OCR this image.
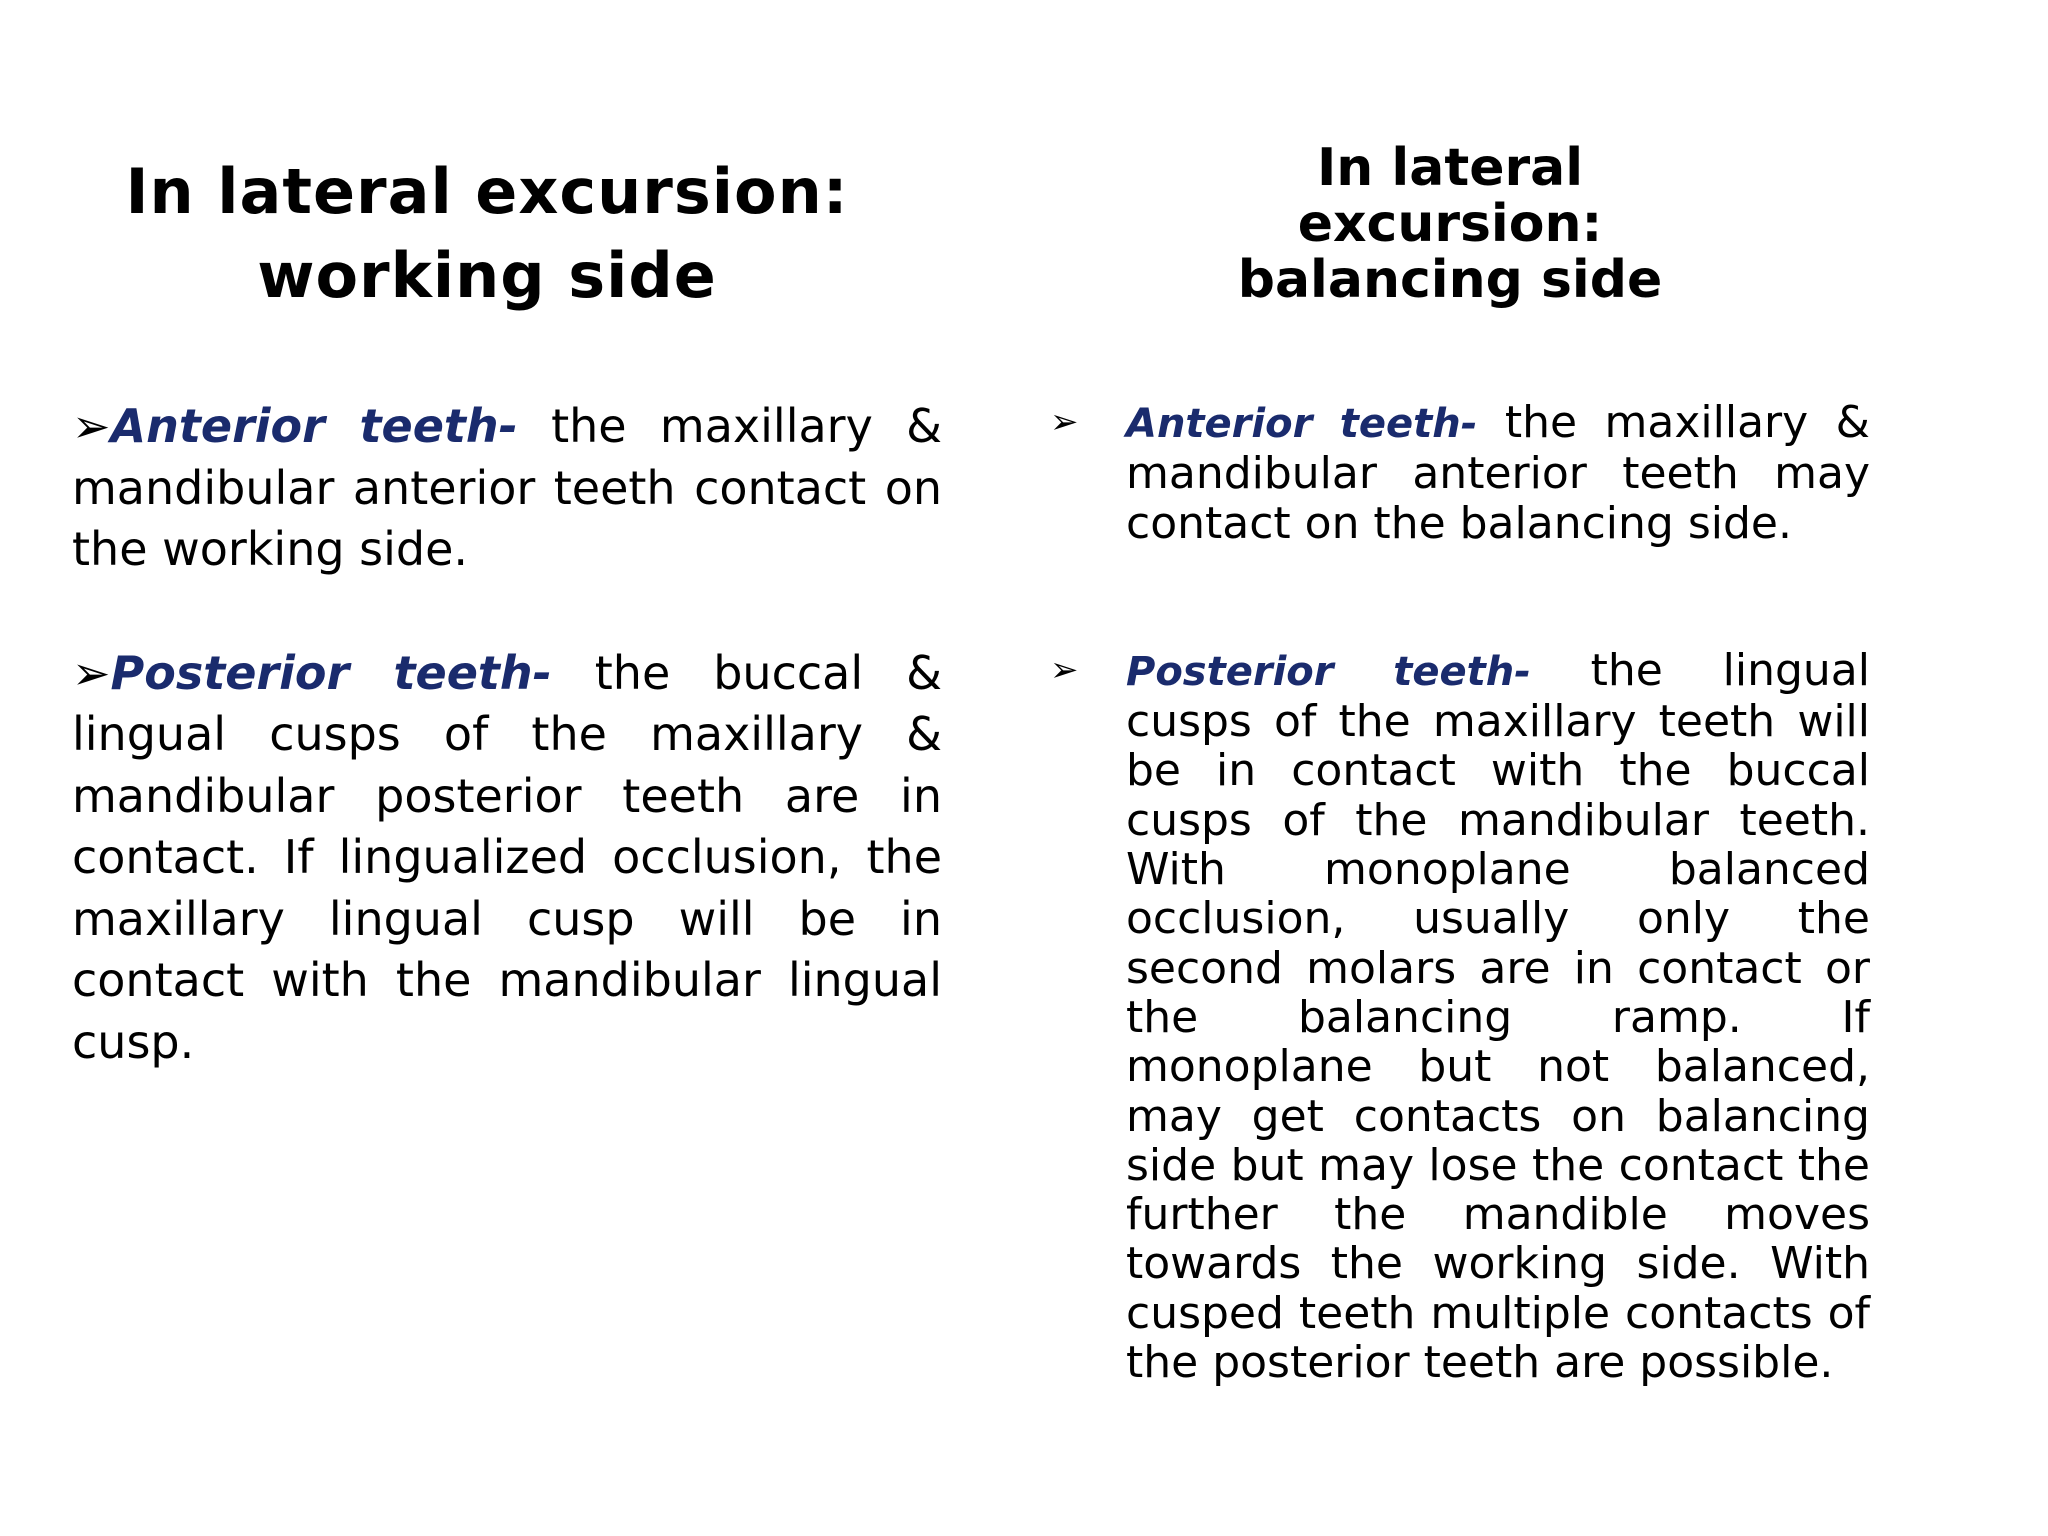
In lateral excursion:
working side

➢Anterior teeth- the maxillary & mandibular anterior teeth contact on the working side.

➢Posterior teeth- the buccal & lingual cusps of the maxillary & mandibular posterior teeth are in contact. If lingualized occlusion, the maxillary lingual cusp will be in contact with the mandibular lingual cusp.

In lateral excursion:
balancing side

➢ Anterior teeth- the maxillary & mandibular anterior teeth may contact on the balancing side.

➢ Posterior teeth- the lingual cusps of the maxillary teeth will be in contact with the buccal cusps of the mandibular teeth. With monoplane balanced occlusion, usually only the second molars are in contact or the balancing ramp. If monoplane but not balanced, may get contacts on balancing side but may lose the contact the further the mandible moves towards the working side. With cusped teeth multiple contacts of the posterior teeth are possible.
